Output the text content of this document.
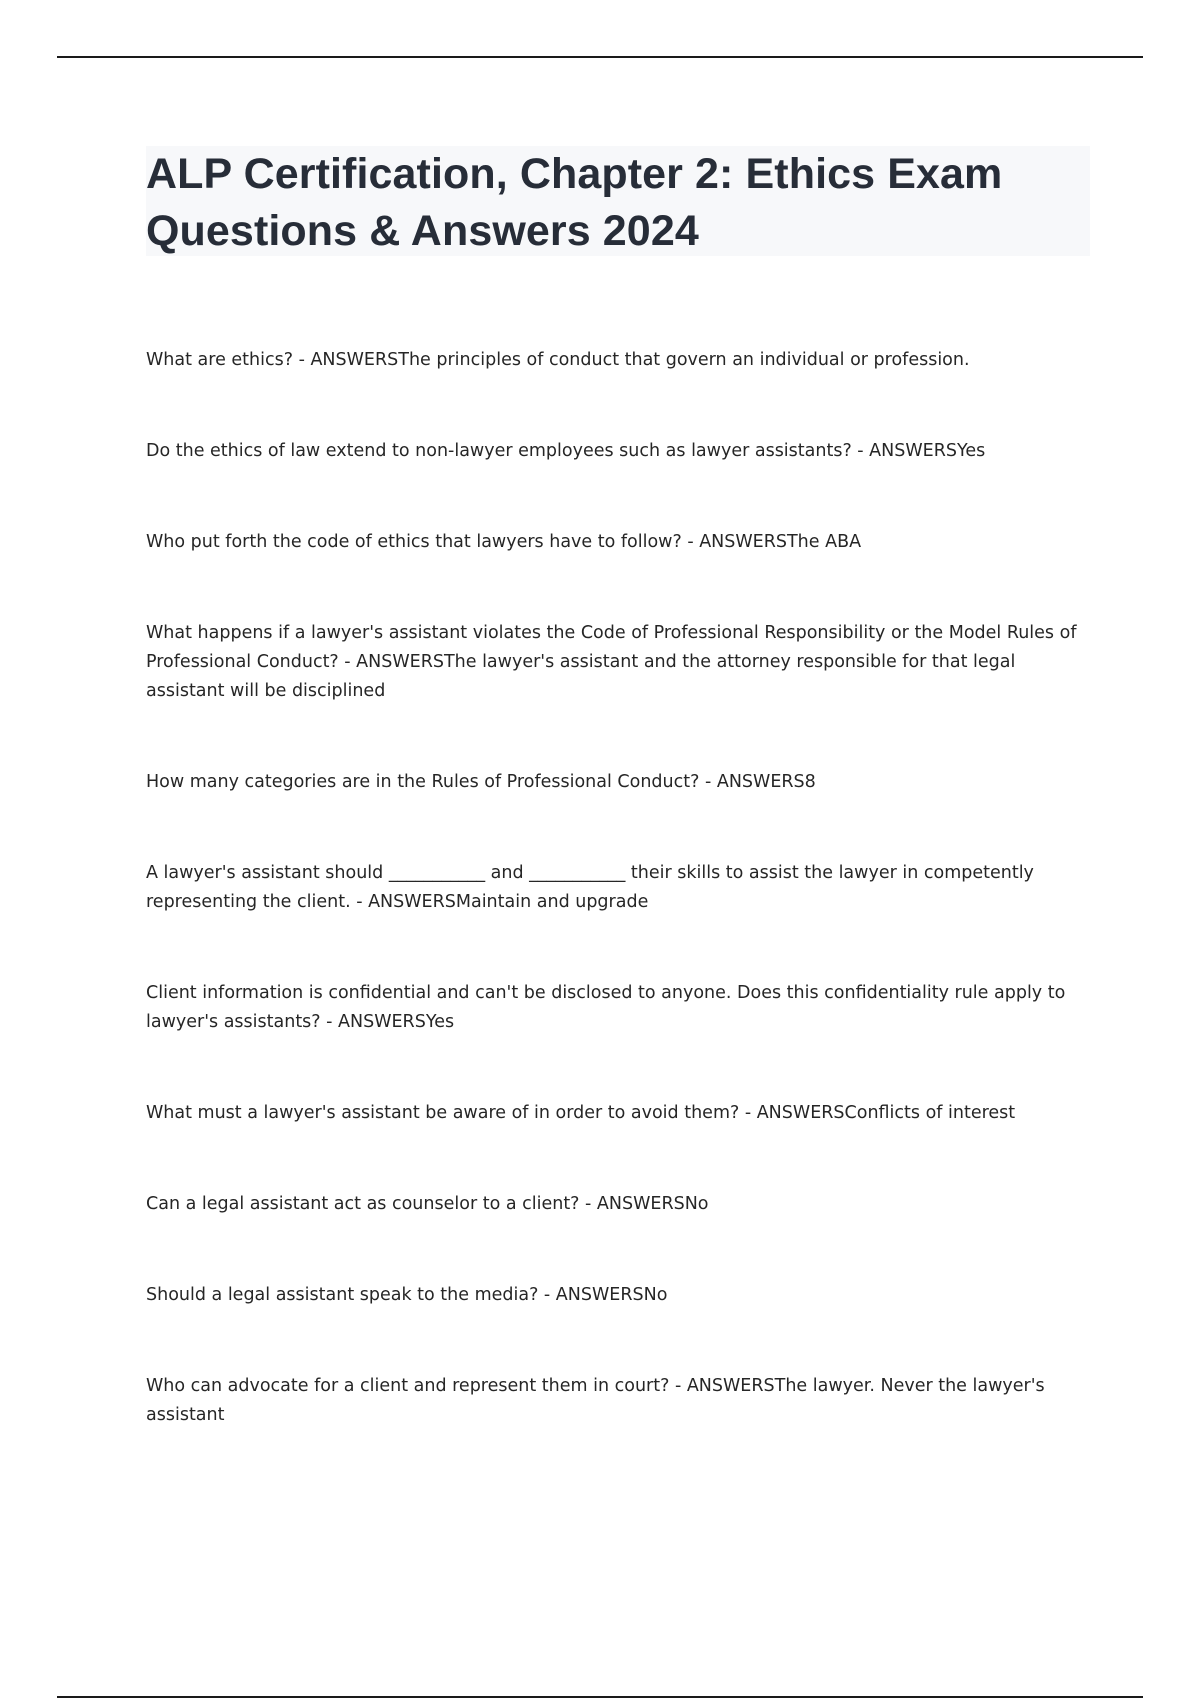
ALP Certification, Chapter 2: Ethics Exam Questions & Answers 2024

What are ethics? - ANSWERSThe principles of conduct that govern an individual or profession.

Do the ethics of law extend to non-lawyer employees such as lawyer assistants? - ANSWERSYes

Who put forth the code of ethics that lawyers have to follow? - ANSWERSThe ABA

What happens if a lawyer's assistant violates the Code of Professional Responsibility or the Model Rules of Professional Conduct? - ANSWERSThe lawyer's assistant and the attorney responsible for that legal assistant will be disciplined

How many categories are in the Rules of Professional Conduct? - ANSWERS8

A lawyer's assistant should ___________ and ___________ their skills to assist the lawyer in competently representing the client. - ANSWERSMaintain and upgrade

Client information is confidential and can't be disclosed to anyone. Does this confidentiality rule apply to lawyer's assistants? - ANSWERSYes

What must a lawyer's assistant be aware of in order to avoid them? - ANSWERSConflicts of interest

Can a legal assistant act as counselor to a client? - ANSWERSNo

Should a legal assistant speak to the media? - ANSWERSNo

Who can advocate for a client and represent them in court? - ANSWERSThe lawyer. Never the lawyer's assistant
